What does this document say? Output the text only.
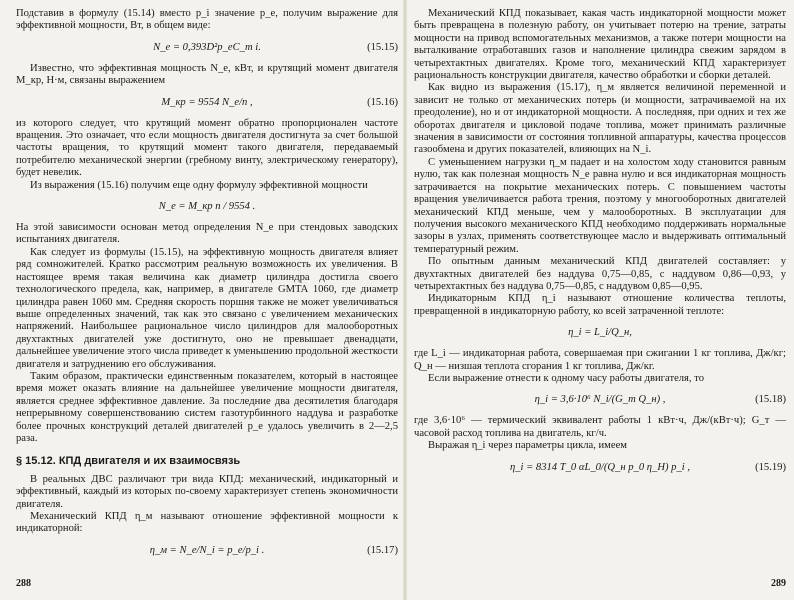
Подставив в формулу (15.14) вместо p_i значение p_e, получим выражение для эффективной мощности, Вт, в общем виде:

N_e = 0,393D²p_eC_m i.	(15.15)

Известно, что эффективная мощность N_e, кВт, и крутящий момент двигателя M_кр, Н·м, связаны выражением

M_кр = 9554 N_e/n ,	(15.16)

из которого следует, что крутящий момент обратно пропорционален частоте вращения. Это означает, что если мощность двигателя достигнута за счет большой частоты вращения, то крутящий момент такого двигателя, передаваемый потребителю механической энергии (гребному винту, электрическому генератору), будет невелик.

Из выражения (15.16) получим еще одну формулу эффективной мощности

N_e = M_кр n / 9554 .

На этой зависимости основан метод определения N_e при стендовых заводских испытаниях двигателя.

Как следует из формулы (15.15), на эффективную мощность двигателя влияет ряд сомножителей. Кратко рассмотрим реальную возможность их увеличения. В настоящее время такая величина как диаметр цилиндра достигла своего технологического предела, как, например, в двигателе GMTA 1060, где диаметр цилиндра равен 1060 мм. Средняя скорость поршня также не может увеличиваться выше определенных значений, так как это связано с увеличением механических напряжений. Наибольшее рациональное число цилиндров для малооборотных двухтактных двигателей уже достигнуто, оно не превышает двенадцати, дальнейшее увеличение этого числа приведет к уменьшению продольной жесткости двигателя и затруднению его обслуживания.

Таким образом, практически единственным показателем, который в настоящее время может оказать влияние на дальнейшее увеличение мощности двигателя, является среднее эффективное давление. За последние два десятилетия благодаря непрерывному совершенствованию систем газотурбинного наддува и разработке более прочных конструкций деталей двигателей p_e удалось увеличить в 2—2,5 раза.

§ 15.12. КПД двигателя и их взаимосвязь

В реальных ДВС различают три вида КПД: механический, индикаторный и эффективный, каждый из которых по-своему характеризует степень экономичности двигателя.

Механический КПД η_м называют отношение эффективной мощности к индикаторной:

η_м = N_e/N_i = p_e/p_i .	(15.17)
288

Механический КПД показывает, какая часть индикаторной мощности может быть превращена в полезную работу, он учитывает потерю на трение, затраты мощности на привод вспомогательных механизмов, а также потери мощности на выталкивание отработавших газов и наполнение цилиндра свежим зарядом в четырехтактных двигателях. Кроме того, механический КПД характеризует рациональность конструкции двигателя, качество обработки и сборки деталей.

Как видно из выражения (15.17), η_м является величиной переменной и зависит не только от механических потерь (и мощности, затрачиваемой на их преодоление), но и от индикаторной мощности. А последняя, при одних и тех же оборотах двигателя и цикловой подаче топлива, может принимать различные значения в зависимости от состояния топливной аппаратуры, качества процессов газообмена и других показателей, влияющих на N_i.

С уменьшением нагрузки η_м падает и на холостом ходу становится равным нулю, так как полезная мощность N_e равна нулю и вся индикаторная мощность затрачивается на покрытие механических потерь. С повышением частоты вращения увеличивается работа трения, поэтому у многооборотных двигателей механический КПД меньше, чем у малооборотных. В эксплуатации для получения высокого механического КПД необходимо поддерживать нормальные зазоры в узлах, применять соответствующее масло и выдерживать оптимальный температурный режим.

По опытным данным механический КПД двигателей составляет: у двухтактных двигателей без наддува 0,75—0,85, с наддувом 0,86—0,93, у четырехтактных без наддува 0,75—0,85, с наддувом 0,85—0,95.

Индикаторным КПД η_i называют отношение количества теплоты, превращенной в индикаторную работу, ко всей затраченной теплоте:

η_i = L_i/Q_н,

где L_i — индикаторная работа, совершаемая при сжигании 1 кг топлива, Дж/кг; Q_н — низшая теплота сгорания 1 кг топлива, Дж/кг.

Если выражение отнести к одному часу работы двигателя, то

η_i = 3,6·10⁶ N_i/(G_т Q_н) ,	(15.18)

где 3,6·10⁶ — термический эквивалент работы 1 кВт·ч, Дж/(кВт·ч); G_т — часовой расход топлива на двигатель, кг/ч.

Выражая η_i через параметры цикла, имеем

η_i = 8314 T_0 αL_0/(Q_н p_0 η_H) p_i ,	(15.19)
289
